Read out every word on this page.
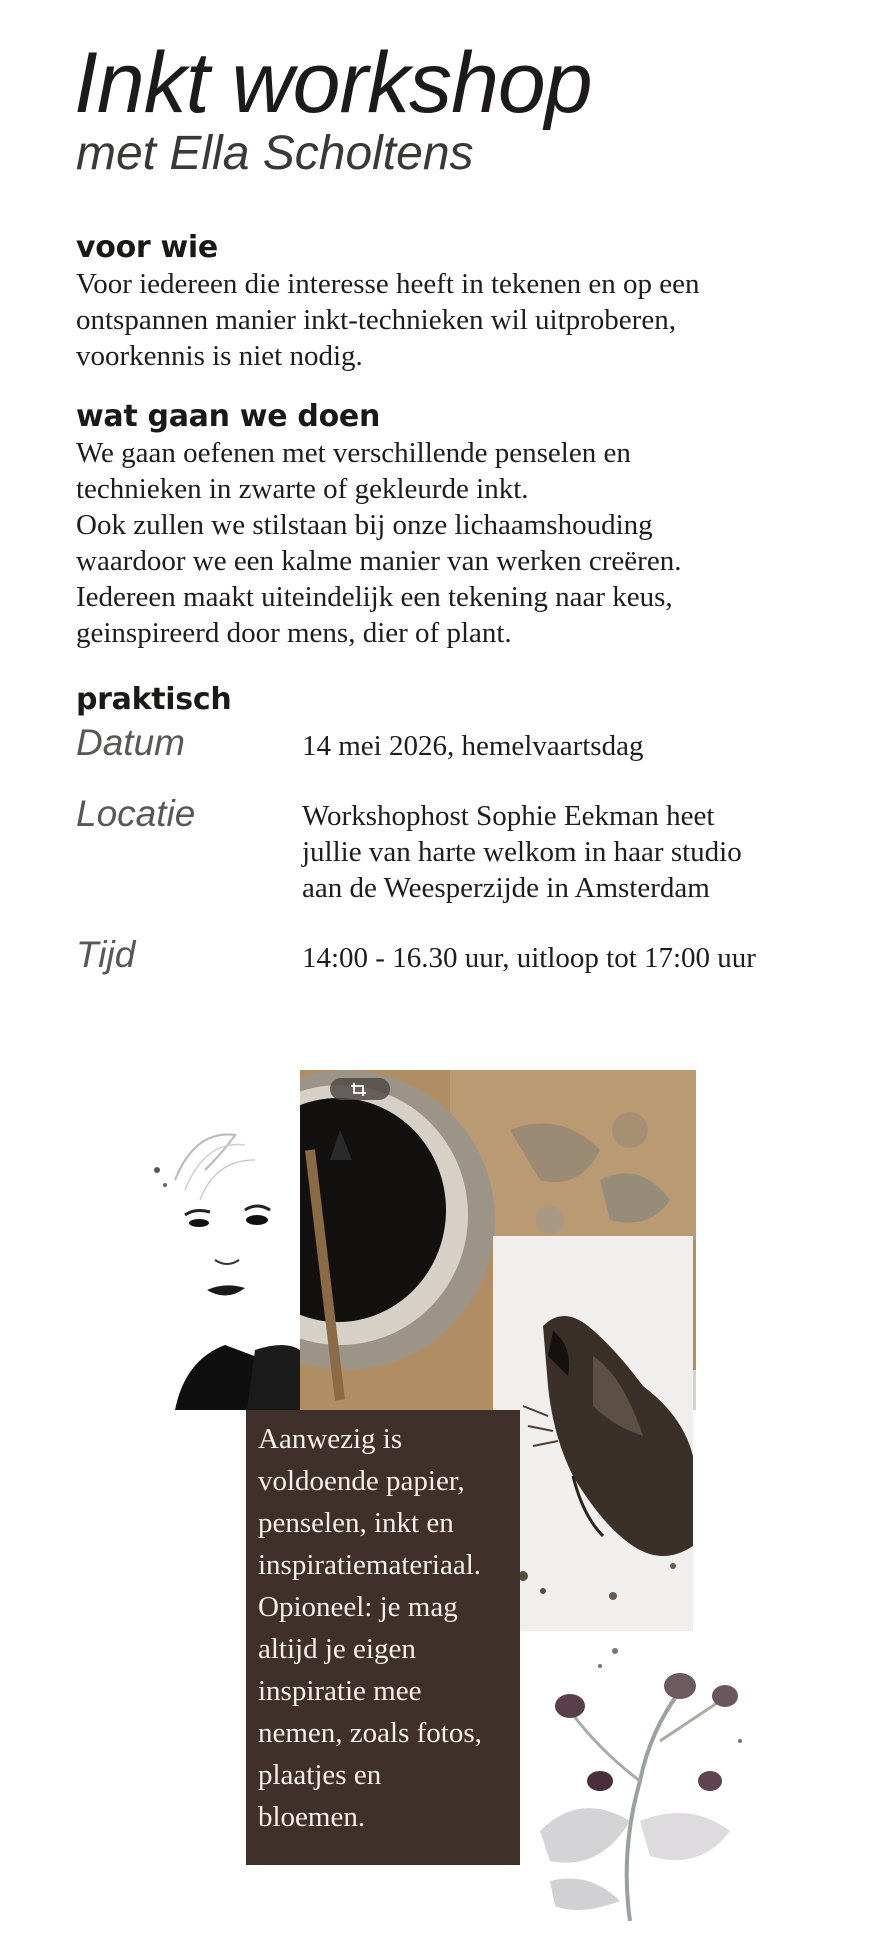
Inkt workshop
met Ella Scholtens
voor wie

Voor iedereen die interesse heeft in tekenen en op een

ontspannen manier inkt-technieken wil uitproberen,

voorkennis is niet nodig.

wat gaan we doen

We gaan oefenen met verschillende penselen en

technieken in zwarte of gekleurde inkt.

Ook zullen we stilstaan bij onze lichaamshouding

waardoor we een kalme manier van werken creëren.

Iedereen maakt uiteindelijk een tekening naar keus,

geinspireerd door mens, dier of plant.

praktisch
Datum	14 mei 2026, hemelvaartsdag
Locatie	Workshophost Sophie Eekman heet

jullie van harte welkom in haar studio

aan de Weesperzijde in Amsterdam

Tijd	14:00 - 16.30 uur, uitloop tot 17:00 uur

Aanwezig is

voldoende papier,

penselen, inkt en

inspiratiemateriaal.

Opioneel: je mag

altijd je eigen

inspiratie mee

nemen, zoals fotos,

plaatjes en

bloemen.
